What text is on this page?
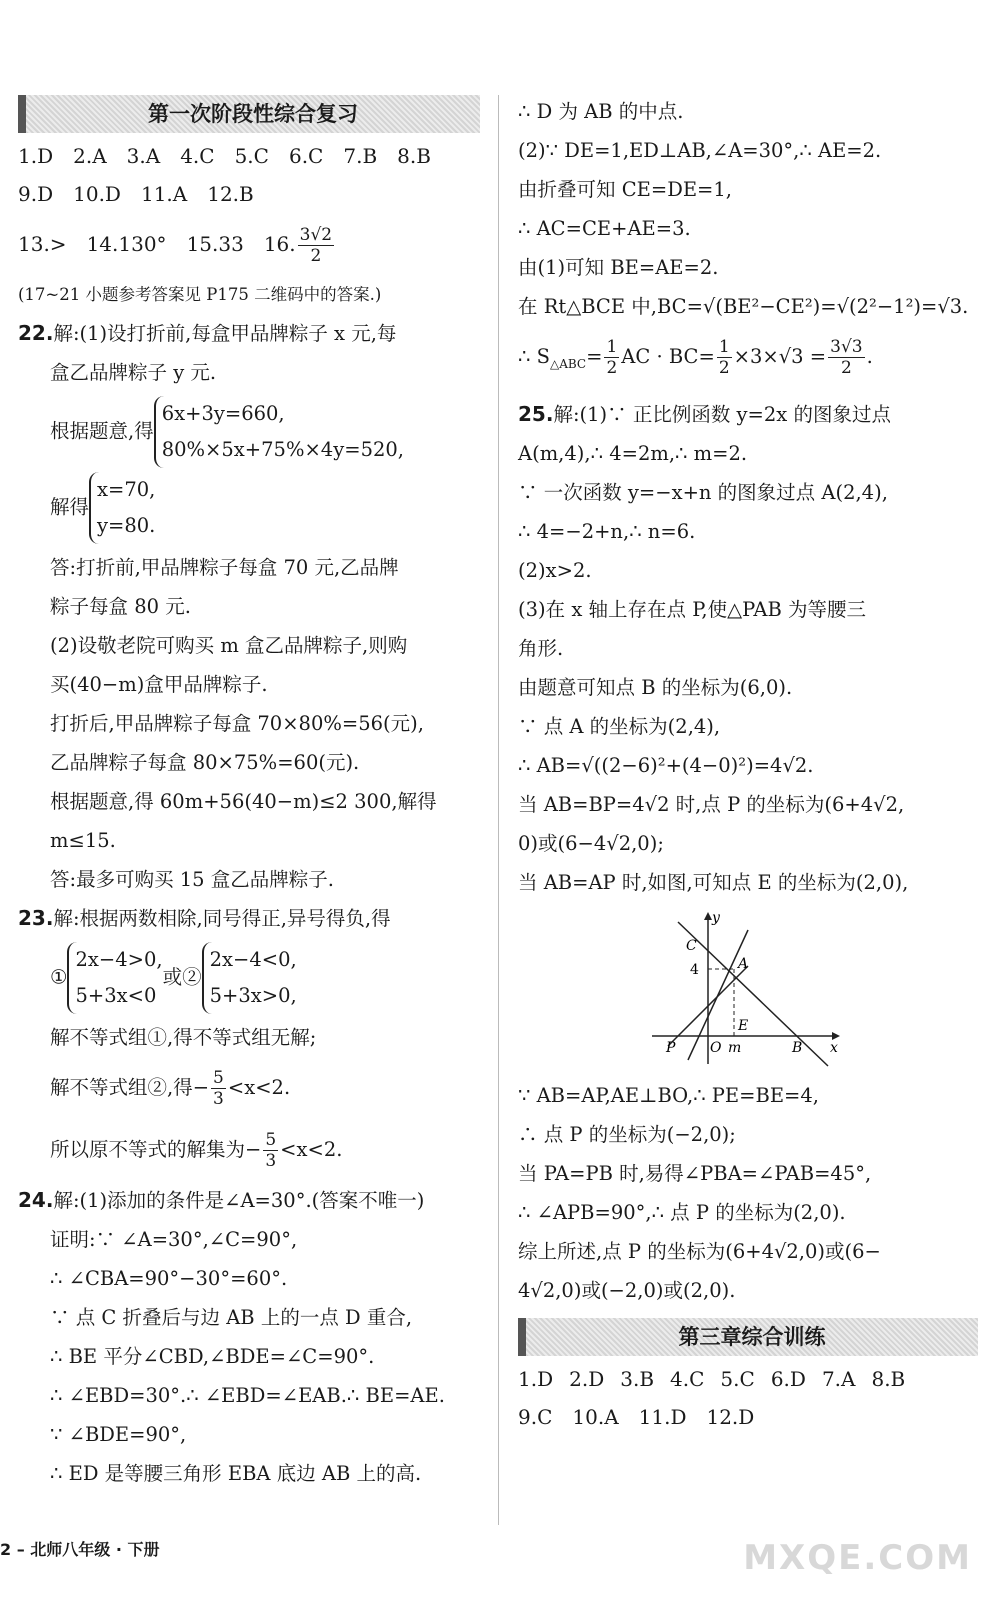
第一次阶段性综合复习
1.D 2.A 3.A 4.C 5.C 6.C 7.B 8.B
9.D 10.D 11.A 12.B
13.> 14.130° 15.33 16. $\frac{3√2}{2}$
(17~21 小题参考答案见 P175 二维码中的答案.)
22.解:(1)设打折前,每盒甲品牌粽子 x 元,每
盒乙品牌粽子 y 元.
根据题意,得6x+3y=660,
80%×5x+75%×4y=520,
解得x=70,
y=80.
答:打折前,甲品牌粽子每盒 70 元,乙品牌
粽子每盒 80 元.
(2)设敬老院可购买 m 盒乙品牌粽子,则购
买(40−m)盒甲品牌粽子.
打折后,甲品牌粽子每盒 70×80%=56(元),
乙品牌粽子每盒 80×75%=60(元).
根据题意,得 60m+56(40−m)≤2 300,解得
m≤15.
答:最多可购买 15 盒乙品牌粽子.
23.解:根据两数相除,同号得正,异号得负,得
①2x−4>0,
5+3x<0或②2x−4<0,
5+3x>0,
解不等式组①,得不等式组无解;
解不等式组②,得− $\frac{5}{3} <x<2$.
所以原不等式的解集为− $\frac{5}{3} <x<2$.
24.解:(1)添加的条件是∠A=30°.(答案不唯一)
证明:∵ ∠A=30°,∠C=90°,
∴ ∠CBA=90°−30°=60°.
∵ 点 C 折叠后与边 AB 上的一点 D 重合,
∴ BE 平分∠CBD,∠BDE=∠C=90°.
∴ ∠EBD=30°.∴ ∠EBD=∠EAB.∴ BE=AE.
∵ ∠BDE=90°,
∴ ED 是等腰三角形 EBA 底边 AB 上的高.
∴ D 为 AB 的中点.
(2)∵ DE=1,ED⊥AB,∠A=30°,∴ AE=2.
由折叠可知 CE=DE=1,
∴ AC=CE+AE=3.
由(1)可知 BE=AE=2.
在 Rt△BCE 中,BC=√(BE²−CE²)=√(2²−1²)=√3.
∴ $S_{\triangle ABC}= \frac{1}{2}$ AC · $BC= \frac{1}{2} \times 3\times√3 = \frac{3√3}{2}$ .
25.解:(1)∵ 正比例函数 y=2x 的图象过点
A(m,4),∴ 4=2m,∴ m=2.
∵ 一次函数 y=−x+n 的图象过点 A(2,4),
∴ 4=−2+n,∴ n=6.
(2)x>2.
(3)在 x 轴上存在点 P,使△PAB 为等腰三
角形.
由题意可知点 B 的坐标为(6,0).
∵ 点 A 的坐标为(2,4),
∴ AB=√((2−6)²+(4−0)²)=4√2.
当 AB=BP=4√2 时,点 P 的坐标为(6+4√2,
0)或(6−4√2,0);
当 AB=AP 时,如图,可知点 E 的坐标为(2,0),
y
x
C
A
4
E
P O m	B
∵ AB=AP,AE⊥BO,∴ PE=BE=4,
∴ 点 P 的坐标为(−2,0);
当 PA=PB 时,易得∠PBA=∠PAB=45°,
∴ ∠APB=90°,∴ 点 P 的坐标为(2,0).
综上所述,点 P 的坐标为(6+4√2,0)或(6−
4√2,0)或(−2,0)或(2,0).
第三章综合训练
1.D 2.D 3.B 4.C 5.C 6.D 7.A 8.B
9.C 10.A 11.D 12.D
2 – 北师八年级 · 下册	MXQE.COM
